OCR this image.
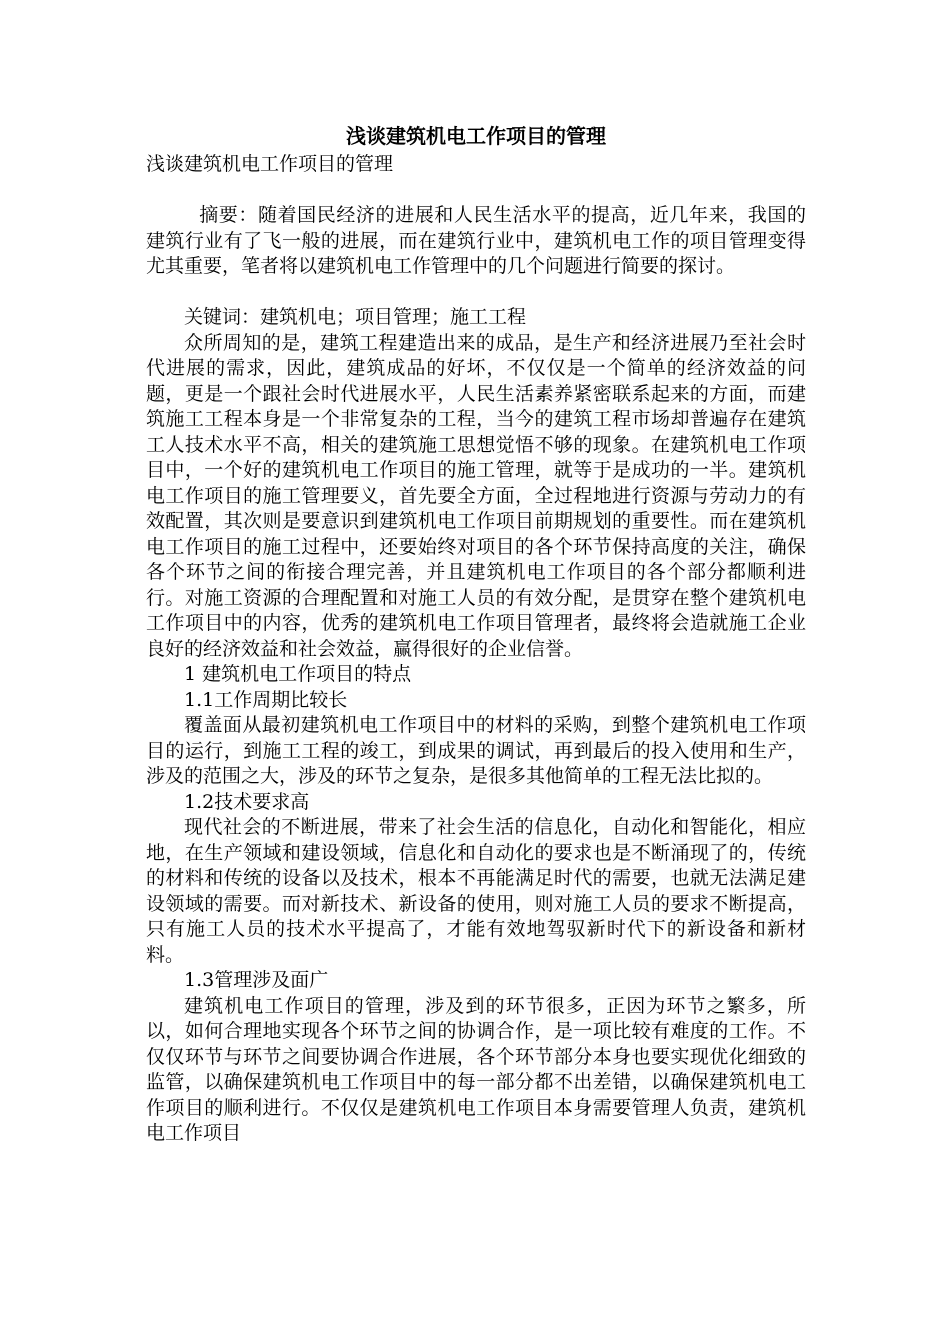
浅谈建筑机电工作项目的管理

浅谈建筑机电工作项目的管理

摘要：随着国民经济的进展和人民生活水平的提高，近几年来，我国的建筑行业有了飞一般的进展，而在建筑行业中，建筑机电工作的项目管理变得尤其重要，笔者将以建筑机电工作管理中的几个问题进行简要的探讨。

关键词：建筑机电；项目管理；施工工程

众所周知的是，建筑工程建造出来的成品，是生产和经济进展乃至社会时代进展的需求，因此，建筑成品的好坏，不仅仅是一个简单的经济效益的问题，更是一个跟社会时代进展水平，人民生活素养紧密联系起来的方面，而建筑施工工程本身是一个非常复杂的工程，当今的建筑工程市场却普遍存在建筑工人技术水平不高，相关的建筑施工思想觉悟不够的现象。在建筑机电工作项目中，一个好的建筑机电工作项目的施工管理，就等于是成功的一半。建筑机电工作项目的施工管理要义，首先要全方面，全过程地进行资源与劳动力的有效配置，其次则是要意识到建筑机电工作项目前期规划的重要性。而在建筑机电工作项目的施工过程中，还要始终对项目的各个环节保持高度的关注，确保各个环节之间的衔接合理完善，并且建筑机电工作项目的各个部分都顺利进行。对施工资源的合理配置和对施工人员的有效分配，是贯穿在整个建筑机电工作项目中的内容，优秀的建筑机电工作项目管理者，最终将会造就施工企业良好的经济效益和社会效益，赢得很好的企业信誉。

1 建筑机电工作项目的特点

1.1工作周期比较长

覆盖面从最初建筑机电工作项目中的材料的采购，到整个建筑机电工作项目的运行，到施工工程的竣工，到成果的调试，再到最后的投入使用和生产，涉及的范围之大，涉及的环节之复杂，是很多其他简单的工程无法比拟的。

1.2技术要求高

现代社会的不断进展，带来了社会生活的信息化，自动化和智能化，相应地，在生产领域和建设领域，信息化和自动化的要求也是不断涌现了的，传统的材料和传统的设备以及技术，根本不再能满足时代的需要，也就无法满足建设领域的需要。而对新技术、新设备的使用，则对施工人员的要求不断提高，只有施工人员的技术水平提高了，才能有效地驾驭新时代下的新设备和新材料。

1.3管理涉及面广

建筑机电工作项目的管理，涉及到的环节很多，正因为环节之繁多，所以，如何合理地实现各个环节之间的协调合作，是一项比较有难度的工作。不仅仅环节与环节之间要协调合作进展，各个环节部分本身也要实现优化细致的监管，以确保建筑机电工作项目中的每一部分都不出差错，以确保建筑机电工作项目的顺利进行。不仅仅是建筑机电工作项目本身需要管理人负责，建筑机电工作项目
